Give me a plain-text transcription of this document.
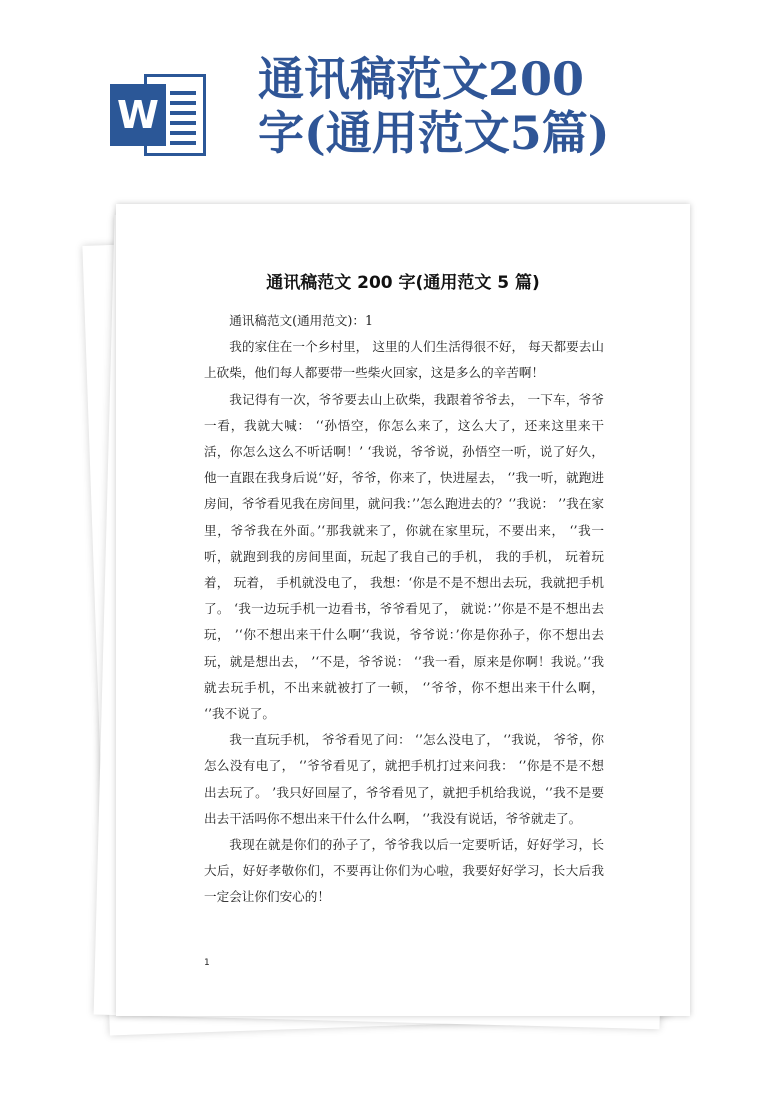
W
通讯稿范文200
字(通用范文5篇)
通讯稿范文 200 字(通用范文 5 篇)

通讯稿范文(通用范文)：1

我的家住在一个乡村里， 这里的人们生活得很不好， 每天都要去山上砍柴，他们每人都要带一些柴火回家，这是多么的辛苦啊！

我记得有一次，爷爷要去山上砍柴，我跟着爷爷去， 一下车，爷爷一看，我就大喊： ‘‘孙悟空，你怎么来了，这么大了，还来这里来干活，你怎么这么不听话啊！’ ‘我说，爷爷说，孙悟空一听，说了好久，他一直跟在我身后说‘’好，爷爷，你来了，快进屋去， ‘’我一听，就跑进房间，爷爷看见我在房间里，就问我：’’怎么跑进去的？‘’我说： ’’我在家里，爷爷我在外面。’‘那我就来了，你就在家里玩，不要出来， ‘’我一听，就跑到我的房间里面，玩起了我自己的手机， 我的手机， 玩着玩着， 玩着， 手机就没电了， 我想：‘你是不是不想出去玩，我就把手机了。 ‘我一边玩手机一边看书，爷爷看见了， 就说：’’你是不是不想出去玩， ’‘你不想出来干什么啊’‘我说，爷爷说：’你是你孙子，你不想出去玩，就是想出去， ’‘不是，爷爷说： ‘’我一看，原来是你啊！我说。’‘我就去玩手机，不出来就被打了一顿， ‘’爷爷，你不想出来干什么啊， ‘’我不说了。

我一直玩手机， 爷爷看见了问： ‘’怎么没电了， ‘’我说， 爷爷，你怎么没有电了， ‘’爷爷看见了，就把手机打过来问我： ‘’你是不是不想出去玩了。 ’我只好回屋了，爷爷看见了，就把手机给我说，‘’我不是要出去干活吗你不想出来干什么什么啊， ‘’我没有说话，爷爷就走了。

我现在就是你们的孙子了，爷爷我以后一定要听话，好好学习，长大后，好好孝敬你们，不要再让你们为心啦，我要好好学习，长大后我一定会让你们安心的！

1
